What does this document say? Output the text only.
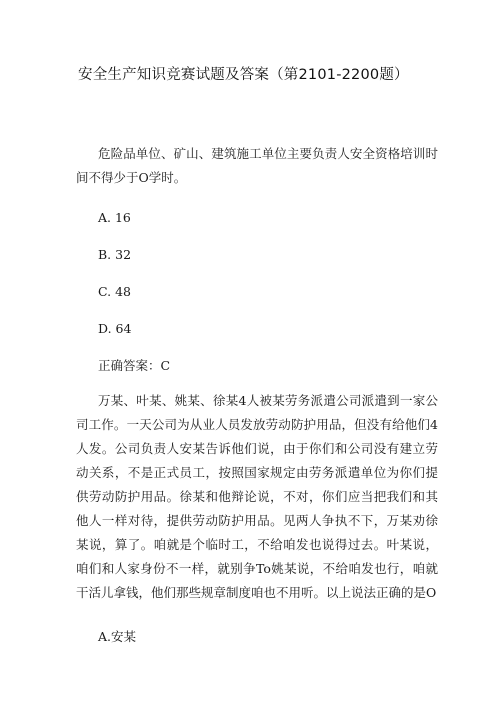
安全生产知识竞赛试题及答案（第2101-2200题）
危险品单位、矿山、建筑施工单位主要负责人安全资格培训时间不得少于O学时。
A. 16
B. 32
C. 48
D. 64
正确答案：C
万某、叶某、姚某、徐某4人被某劳务派遣公司派遣到一家公司工作。一天公司为从业人员发放劳动防护用品，但没有给他们4人发。公司负责人安某告诉他们说，由于你们和公司没有建立劳动关系，不是正式员工，按照国家规定由劳务派遣单位为你们提供劳动防护用品。徐某和他辩论说，不对，你们应当把我们和其他人一样对待，提供劳动防护用品。见两人争执不下，万某劝徐某说，算了。咱就是个临时工，不给咱发也说得过去。叶某说，咱们和人家身份不一样，就别争To姚某说，不给咱发也行，咱就干活儿拿钱，他们那些规章制度咱也不用听。以上说法正确的是O
A.安某
